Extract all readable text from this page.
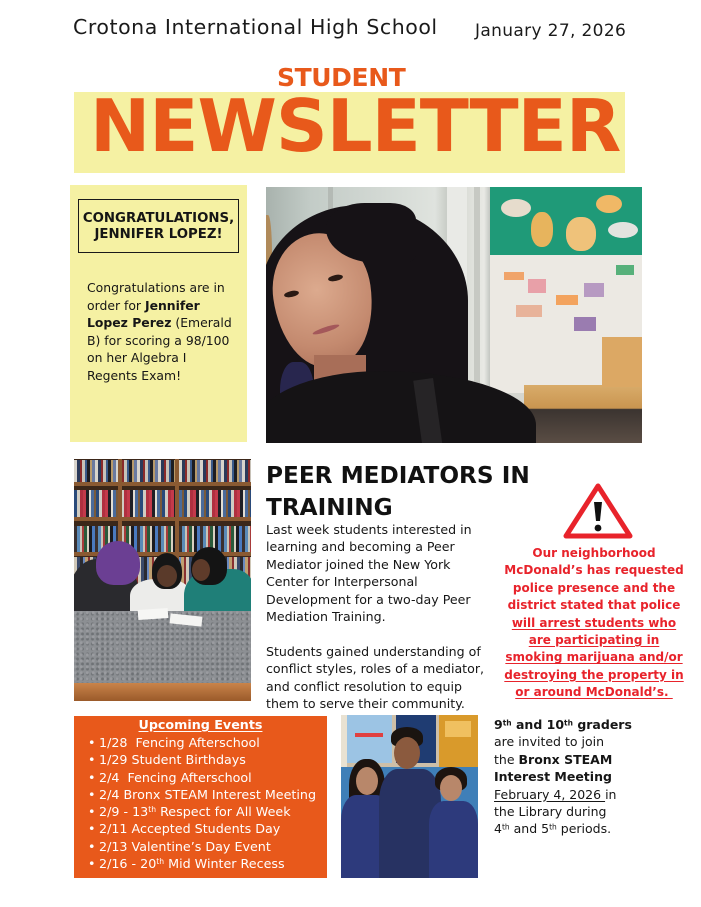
Crotona International High School January 27, 2026
STUDENT
NEWSLETTER
CONGRATULATIONS,
JENNIFER LOPEZ!
Congratulations are in
order for Jennifer
Lopez Perez (Emerald
B) for scoring a 98/100
on her Algebra I
Regents Exam!
PEER MEDIATORS IN
TRAINING
Last week students interested in
learning and becoming a Peer
Mediator joined the New York
Center for Interpersonal
Development for a two-day Peer
Mediation Training.
Students gained understanding of
conflict styles, roles of a mediator,
and conflict resolution to equip
them to serve their community.
Our neighborhood
McDonald’s has requested
police presence and the
district stated that police
will arrest students who
are participating in
smoking marijuana and/or
destroying the property in
or around McDonald’s.
Upcoming Events
• 1/28  Fencing Afterschool
• 1/29 Student Birthdays
• 2/4  Fencing Afterschool
• 2/4 Bronx STEAM Interest Meeting
• 2/9 - 13th Respect for All Week
• 2/11 Accepted Students Day
• 2/13 Valentine’s Day Event
• 2/16 - 20th Mid Winter Recess
9th and 10th graders
are invited to join
the Bronx STEAM
Interest Meeting
February 4, 2026 in
the Library during
4th and 5th periods.
